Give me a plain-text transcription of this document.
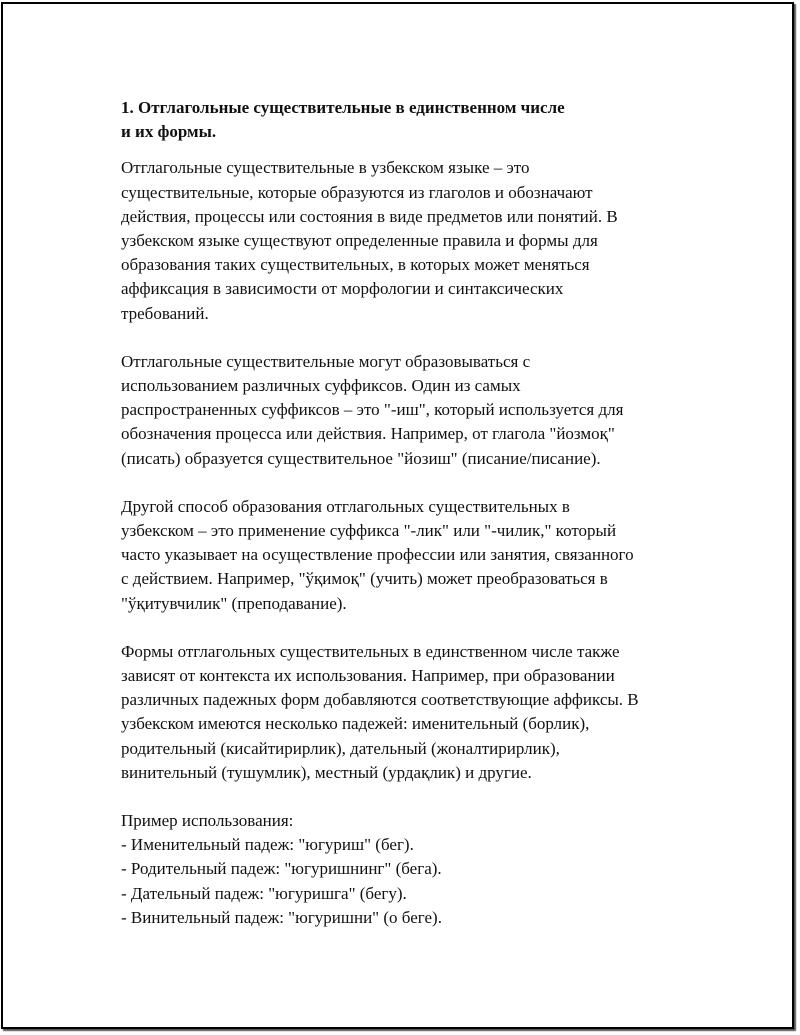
1. Отглагольные существительные в единственном числе
и их формы.
Отглагольные существительные в узбекском языке – это
существительные, которые образуются из глаголов и обозначают
действия, процессы или состояния в виде предметов или понятий. В
узбекском языке существуют определенные правила и формы для
образования таких существительных, в которых может меняться
аффиксация в зависимости от морфологии и синтаксических
требований.
Отглагольные существительные могут образовываться с
использованием различных суффиксов. Один из самых
распространенных суффиксов – это "-иш", который используется для
обозначения процесса или действия. Например, от глагола "йозмоқ"
(писать) образуется существительное "йозиш" (писание/писание).
Другой способ образования отглагольных существительных в
узбекском – это применение суффикса "-лик" или "-чилик," который
часто указывает на осуществление профессии или занятия, связанного
с действием. Например, "ўқимоқ" (учить) может преобразоваться в
"ўқитувчилик" (преподавание).
Формы отглагольных существительных в единственном числе также
зависят от контекста их использования. Например, при образовании
различных падежных форм добавляются соответствующие аффиксы. В
узбекском имеются несколько падежей: именительный (борлик),
родительный (кисайтирирлик), дательный (жоналтирирлик),
винительный (тушумлик), местный (урдақлик) и другие.
Пример использования:
- Именительный падеж: "югуриш" (бег).
- Родительный падеж: "югуришнинг" (бега).
- Дательный падеж: "югуришга" (бегу).
- Винительный падеж: "югуришни" (о беге).
